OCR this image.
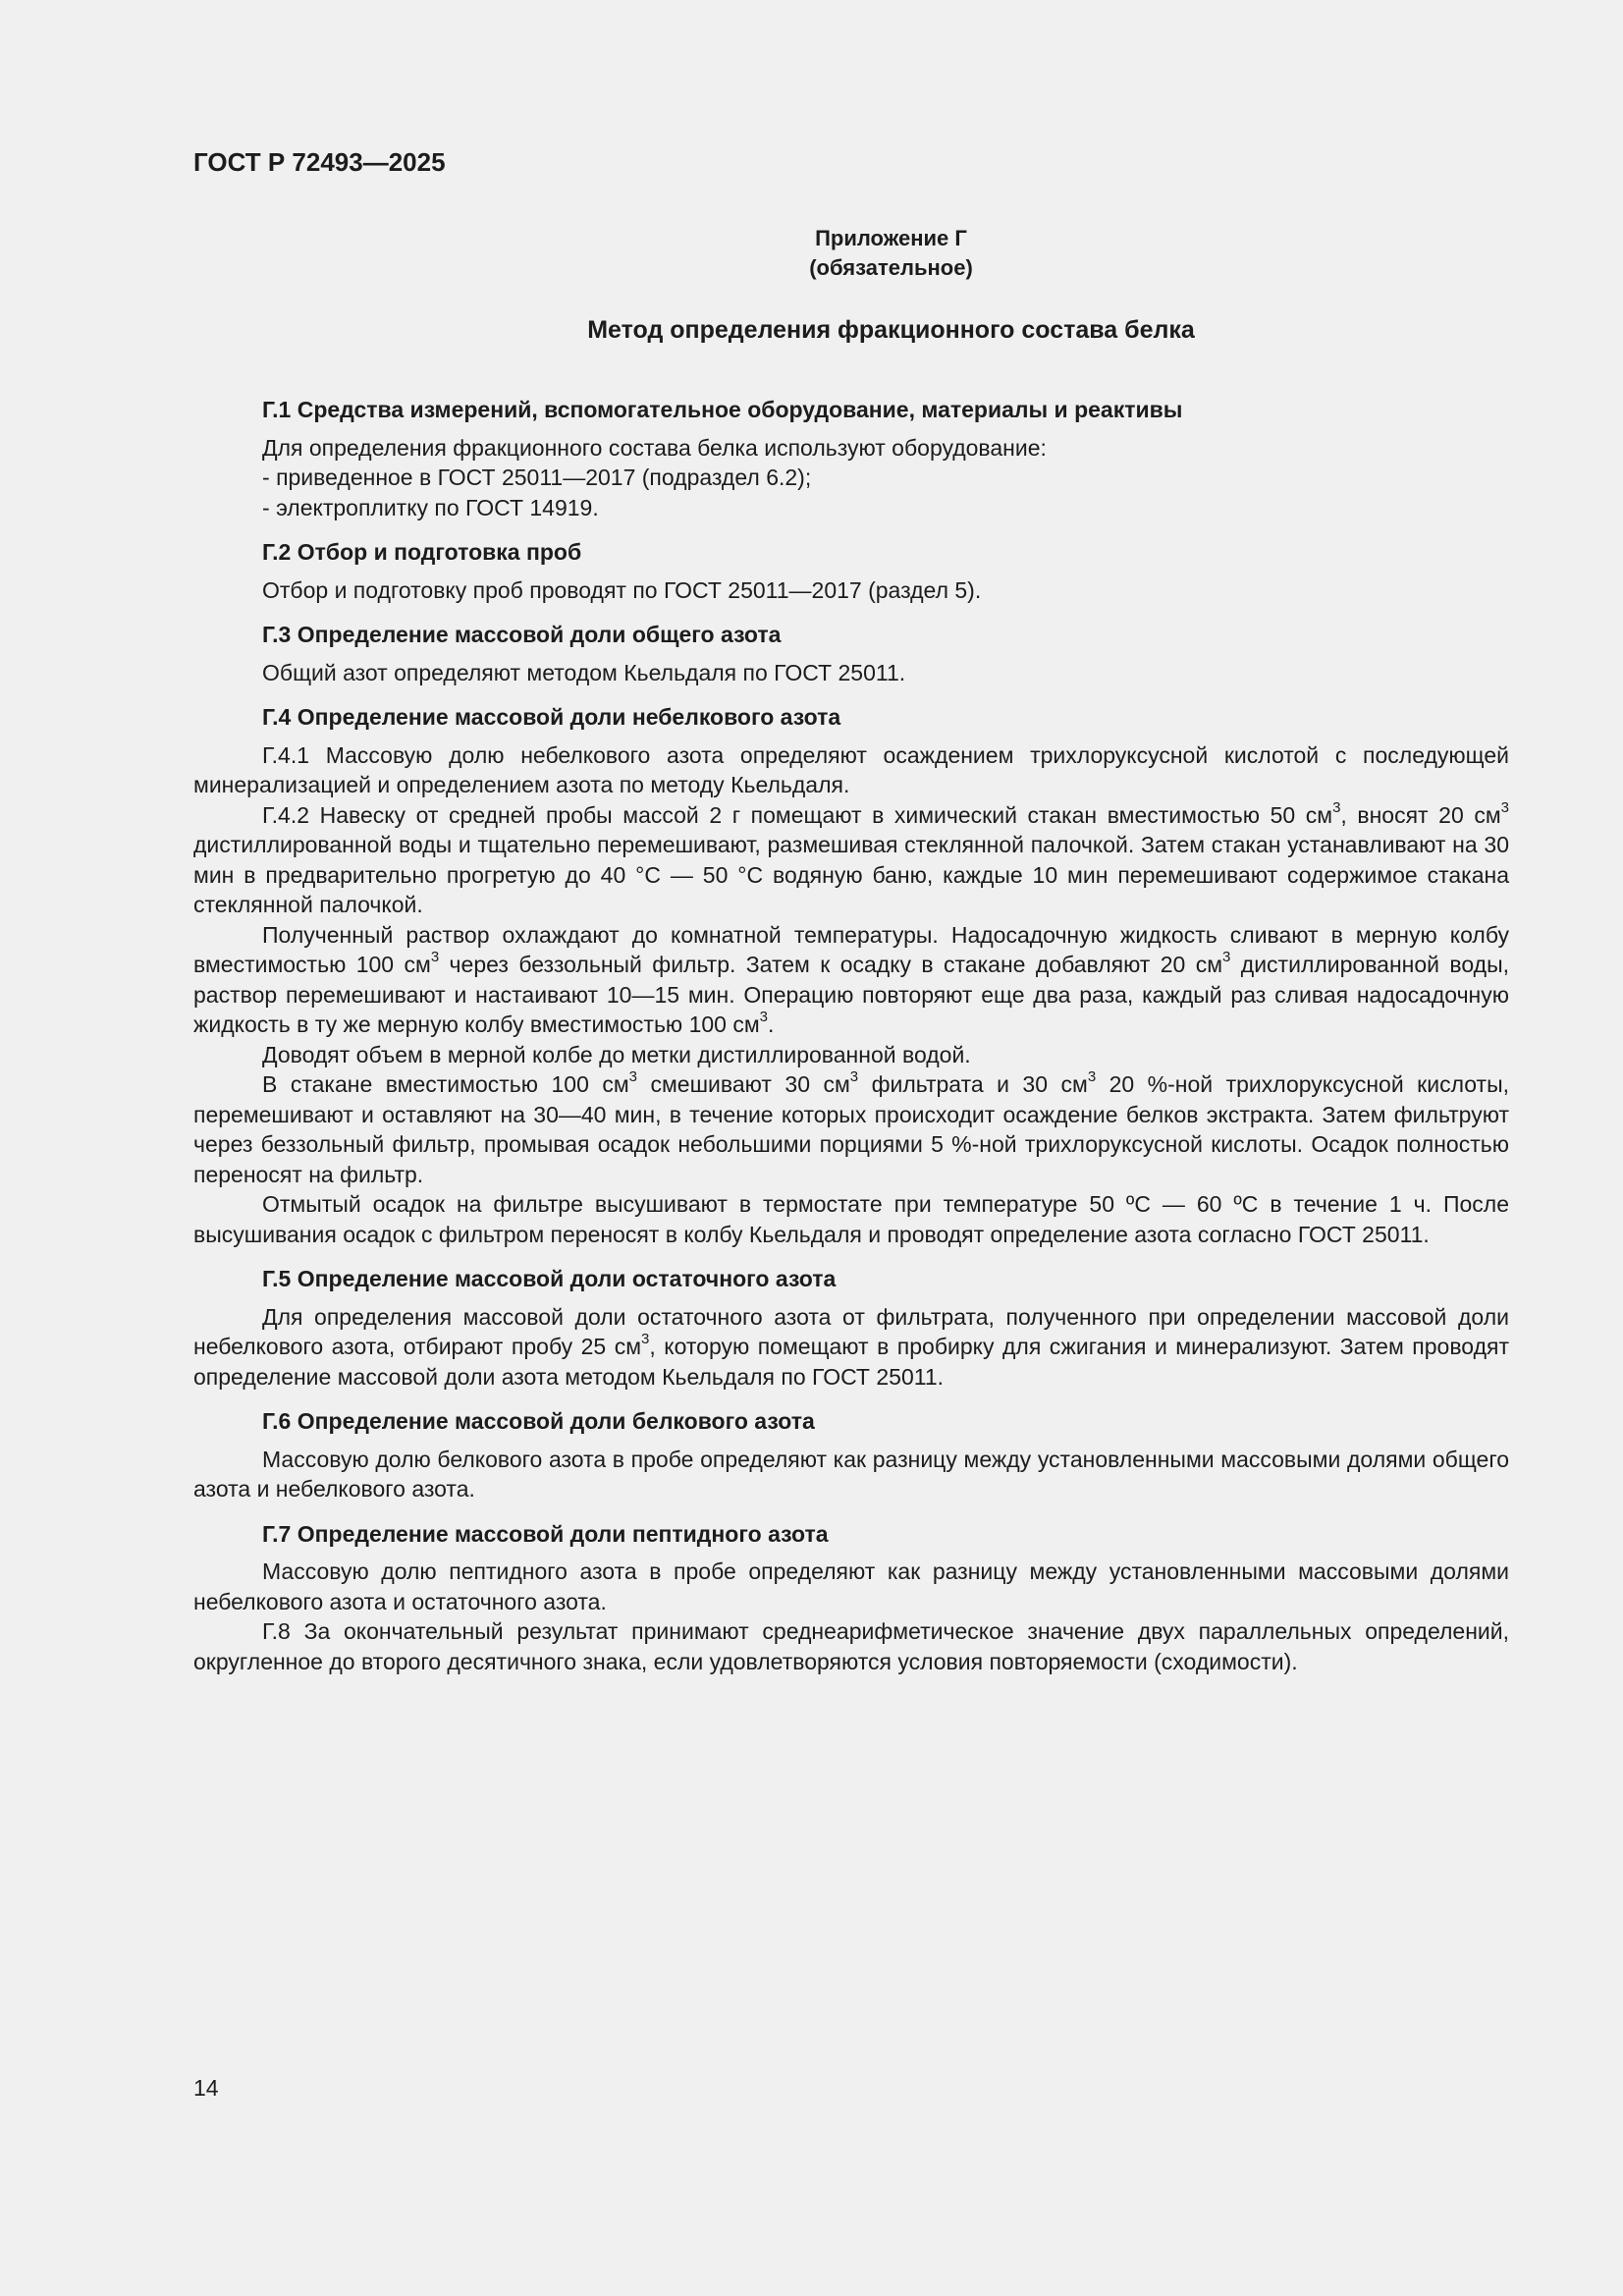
ГОСТ Р 72493—2025
Приложение Г
(обязательное)
Метод определения фракционного состава белка
Г.1 Средства измерений, вспомогательное оборудование, материалы и реактивы

Для определения фракционного состава белка используют оборудование:

- приведенное в ГОСТ 25011—2017 (подраздел 6.2);
- электроплитку по ГОСТ 14919.
Г.2 Отбор и подготовка проб

Отбор и подготовку проб проводят по ГОСТ 25011—2017 (раздел 5).

Г.3 Определение массовой доли общего азота

Общий азот определяют методом Кьельдаля по ГОСТ 25011.

Г.4 Определение массовой доли небелкового азота

Г.4.1 Массовую долю небелкового азота определяют осаждением трихлоруксусной кислотой с последующей минерализацией и определением азота по методу Кьельдаля.

Г.4.2 Навеску от средней пробы массой 2 г помещают в химический стакан вместимостью 50 $см^3$, вносят 20 $см^3$ дистиллированной воды и тщательно перемешивают, размешивая стеклянной палочкой. Затем стакан устанавливают на 30 мин в предварительно прогретую до 40 °С — 50 °С водяную баню, каждые 10 мин перемешивают содержимое стакана стеклянной палочкой.

Полученный раствор охлаждают до комнатной температуры. Надосадочную жидкость сливают в мерную колбу вместимостью 100 $см^3$ через беззольный фильтр. Затем к осадку в стакане добавляют 20 $см^3$ дистиллированной воды, раствор перемешивают и настаивают 10—15 мин. Операцию повторяют еще два раза, каждый раз сливая надосадочную жидкость в ту же мерную колбу вместимостью 100 $см^3$.

Доводят объем в мерной колбе до метки дистиллированной водой.

В стакане вместимостью 100 $см^3$ смешивают 30 $см^3$ фильтрата и 30 $см^3$ 20 %-ной трихлоруксусной кислоты, перемешивают и оставляют на 30—40 мин, в течение которых происходит осаждение белков экстракта. Затем фильтруют через беззольный фильтр, промывая осадок небольшими порциями 5 %-ной трихлоруксусной кислоты. Осадок полностью переносят на фильтр.

Отмытый осадок на фильтре высушивают в термостате при температуре 50 ºС — 60 ºС в течение 1 ч. После высушивания осадок с фильтром переносят в колбу Кьельдаля и проводят определение азота согласно ГОСТ 25011.

Г.5 Определение массовой доли остаточного азота

Для определения массовой доли остаточного азота от фильтрата, полученного при определении массовой доли небелкового азота, отбирают пробу 25 $см^3$, которую помещают в пробирку для сжигания и минерализуют. Затем проводят определение массовой доли азота методом Кьельдаля по ГОСТ 25011.

Г.6 Определение массовой доли белкового азота

Массовую долю белкового азота в пробе определяют как разницу между установленными массовыми долями общего азота и небелкового азота.

Г.7 Определение массовой доли пептидного азота

Массовую долю пептидного азота в пробе определяют как разницу между установленными массовыми долями небелкового азота и остаточного азота.

Г.8 За окончательный результат принимают среднеарифметическое значение двух параллельных определений, округленное до второго десятичного знака, если удовлетворяются условия повторяемости (сходимости).

14
